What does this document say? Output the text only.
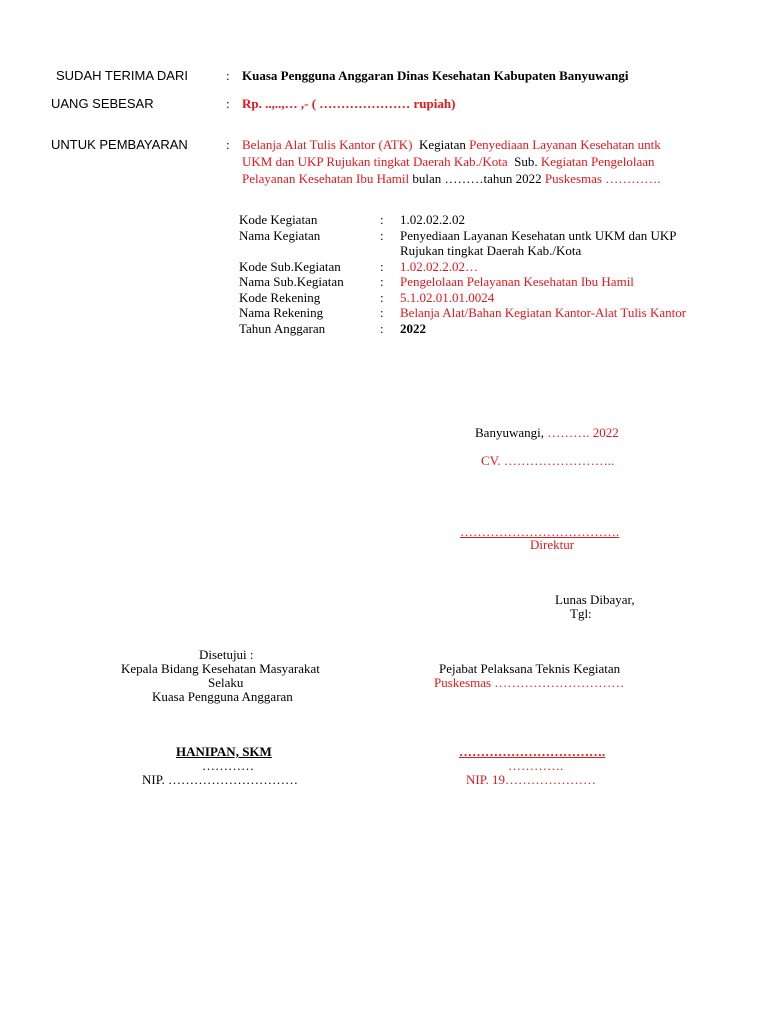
SUDAH TERIMA DARI	: Kuasa Pengguna Anggaran Dinas Kesehatan Kabupaten Banyuwangi
UANG SEBESAR	: Rp. ..,..,… ,- ( ………………… rupiah)
UNTUK PEMBAYARAN	: Belanja Alat Tulis Kantor (ATK) Kegiatan Penyediaan Layanan Kesehatan untk
UKM dan UKP Rujukan tingkat Daerah Kab./Kota Sub. Kegiatan Pengelolaan
Pelayanan Kesehatan Ibu Hamil bulan ………tahun 2022 Puskesmas ………….
Kode Kegiatan	:	1.02.02.2.02
Nama Kegiatan	:	Penyediaan Layanan Kesehatan untk UKM dan UKP
Rujukan tingkat Daerah Kab./Kota
Kode Sub.Kegiatan	:	1.02.02.2.02…
Nama Sub.Kegiatan	:	Pengelolaan Pelayanan Kesehatan Ibu Hamil
Kode Rekening	:	5.1.02.01.01.0024
Nama Rekening	:	Belanja Alat/Bahan Kegiatan Kantor-Alat Tulis Kantor
Tahun Anggaran	:	2022
Banyuwangi, ………. 2022
CV. ……………………..
……………………………….
Direktur
Lunas Dibayar,
Tgl:
Disetujui :
Kepala Bidang Kesehatan Masyarakat
Selaku
Kuasa Pengguna Anggaran
Pejabat Pelaksana Teknis Kegiatan
Puskesmas …………………………
HANIPAN, SKM
…………
NIP. …………………………
…………………………….
………….
NIP. 19…………………
